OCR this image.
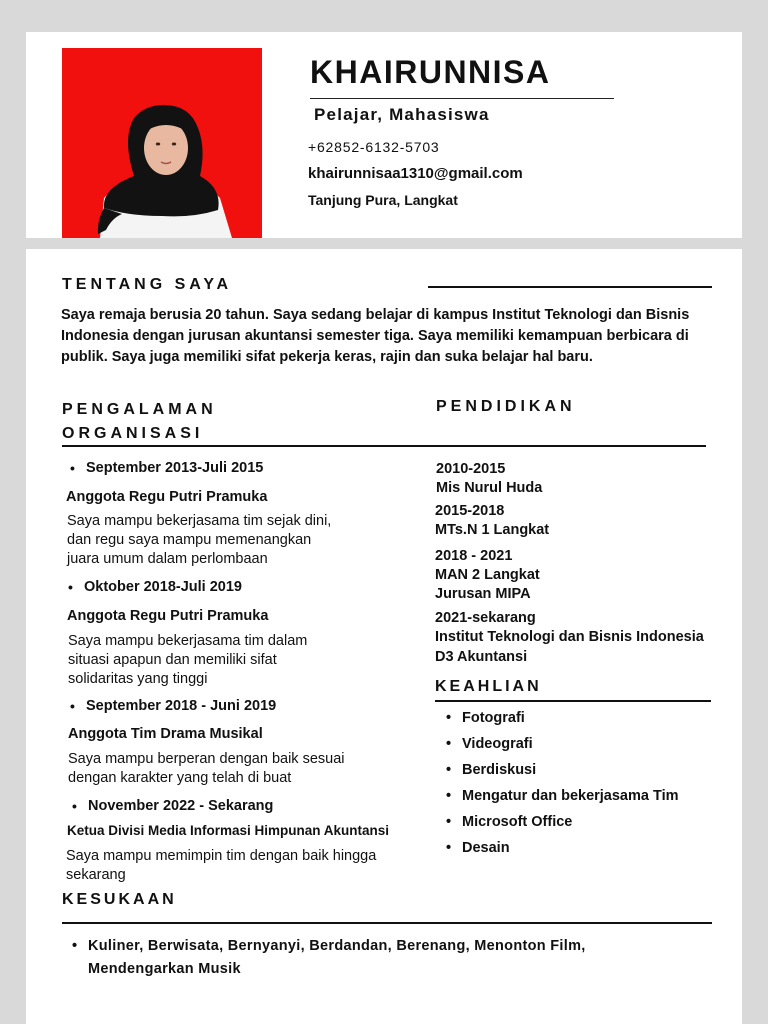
KHAIRUNNISA
Pelajar, Mahasiswa
+62852-6132-5703
khairunnisaa1310@gmail.com
Tanjung Pura, Langkat
TENTANG SAYA
Saya remaja berusia 20 tahun. Saya sedang belajar di kampus Institut Teknologi dan Bisnis Indonesia dengan jurusan akuntansi semester tiga. Saya memiliki kemampuan berbicara di publik. Saya juga memiliki sifat pekerja keras, rajin dan suka belajar hal baru.
PENGALAMAN
ORGANISASI
PENDIDIKAN
• September 2013-Juli 2015
Anggota Regu Putri Pramuka
Saya mampu bekerjasama tim sejak dini,
dan regu saya mampu memenangkan
juara umum dalam perlombaan
• Oktober 2018-Juli 2019
Anggota Regu Putri Pramuka
Saya mampu bekerjasama tim dalam
situasi apapun dan memiliki sifat
solidaritas yang tinggi
• September 2018 - Juni 2019
Anggota Tim Drama Musikal
Saya mampu berperan dengan baik sesuai
dengan karakter yang telah di buat
• November 2022 - Sekarang
Ketua Divisi Media Informasi Himpunan Akuntansi
Saya mampu memimpin tim dengan baik hingga
sekarang
2010-2015
Mis Nurul Huda
2015-2018
MTs.N 1 Langkat
2018 - 2021
MAN 2 Langkat
Jurusan MIPA
2021-sekarang
Institut Teknologi dan Bisnis Indonesia
D3 Akuntansi
KEAHLIAN
• Fotografi
• Videografi
• Berdiskusi
• Mengatur dan bekerjasama Tim
• Microsoft Office
• Desain
KESUKAAN
• Kuliner, Berwisata, Bernyanyi, Berdandan, Berenang, Menonton Film, Mendengarkan Musik
